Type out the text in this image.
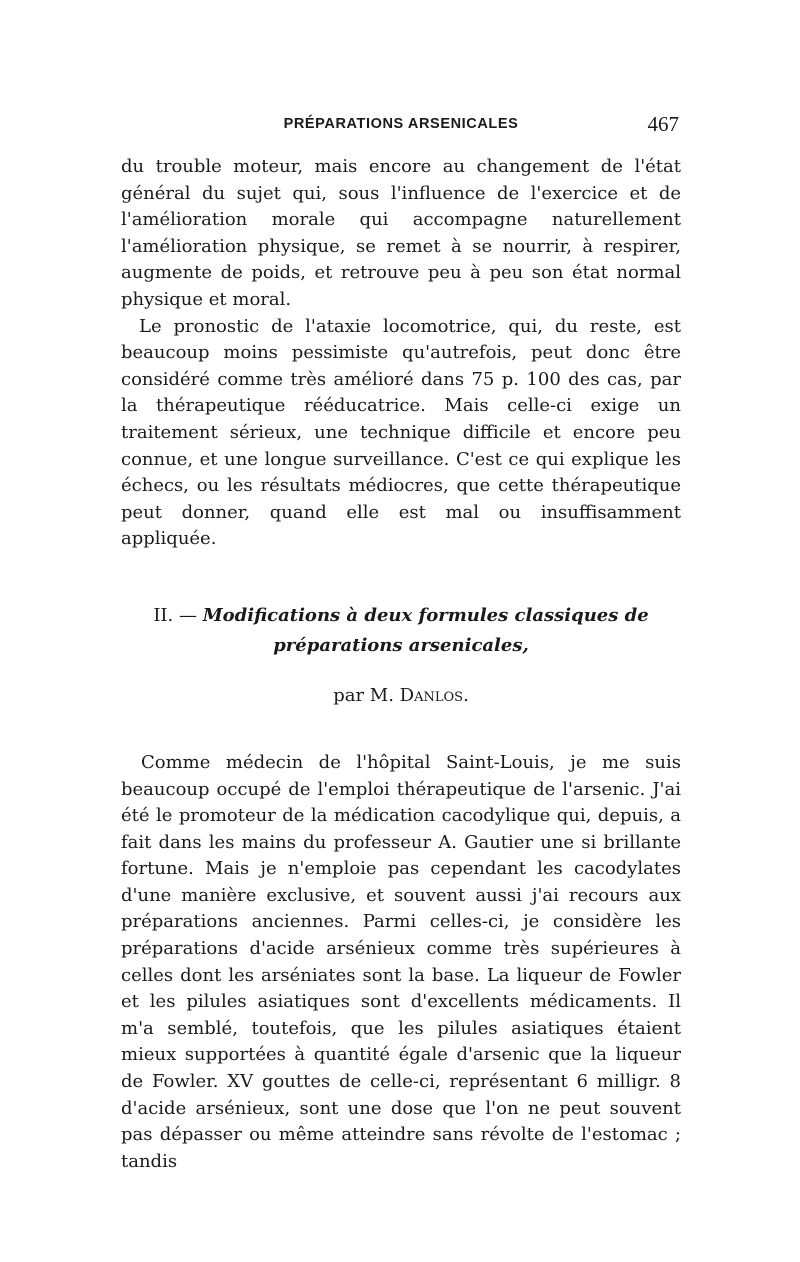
PRÉPARATIONS ARSENICALES	467

du trouble moteur, mais encore au changement de l'état général du sujet qui, sous l'influence de l'exercice et de l'amélioration morale qui accompagne naturellement l'amélioration physique, se remet à se nourrir, à respirer, augmente de poids, et retrouve peu à peu son état normal physique et moral.

Le pronostic de l'ataxie locomotrice, qui, du reste, est beaucoup moins pessimiste qu'autrefois, peut donc être considéré comme très amélioré dans 75 p. 100 des cas, par la thérapeutique rééducatrice. Mais celle-ci exige un traitement sérieux, une technique difficile et encore peu connue, et une longue surveillance. C'est ce qui explique les échecs, ou les résultats médiocres, que cette thérapeutique peut donner, quand elle est mal ou insuffisamment appliquée.

II. — Modifications à deux formules classiques de
préparations arsenicales,
par M. Danlos.

Comme médecin de l'hôpital Saint-Louis, je me suis beaucoup occupé de l'emploi thérapeutique de l'arsenic. J'ai été le promoteur de la médication cacodylique qui, depuis, a fait dans les mains du professeur A. Gautier une si brillante fortune. Mais je n'emploie pas cependant les cacodylates d'une manière exclusive, et souvent aussi j'ai recours aux préparations anciennes. Parmi celles-ci, je considère les préparations d'acide arsénieux comme très supérieures à celles dont les arséniates sont la base. La liqueur de Fowler et les pilules asiatiques sont d'excellents médicaments. Il m'a semblé, toutefois, que les pilules asiatiques étaient mieux supportées à quantité égale d'arsenic que la liqueur de Fowler. XV gouttes de celle-ci, représentant 6 milligr. 8 d'acide arsénieux, sont une dose que l'on ne peut souvent pas dépasser ou même atteindre sans révolte de l'estomac ; tandis
